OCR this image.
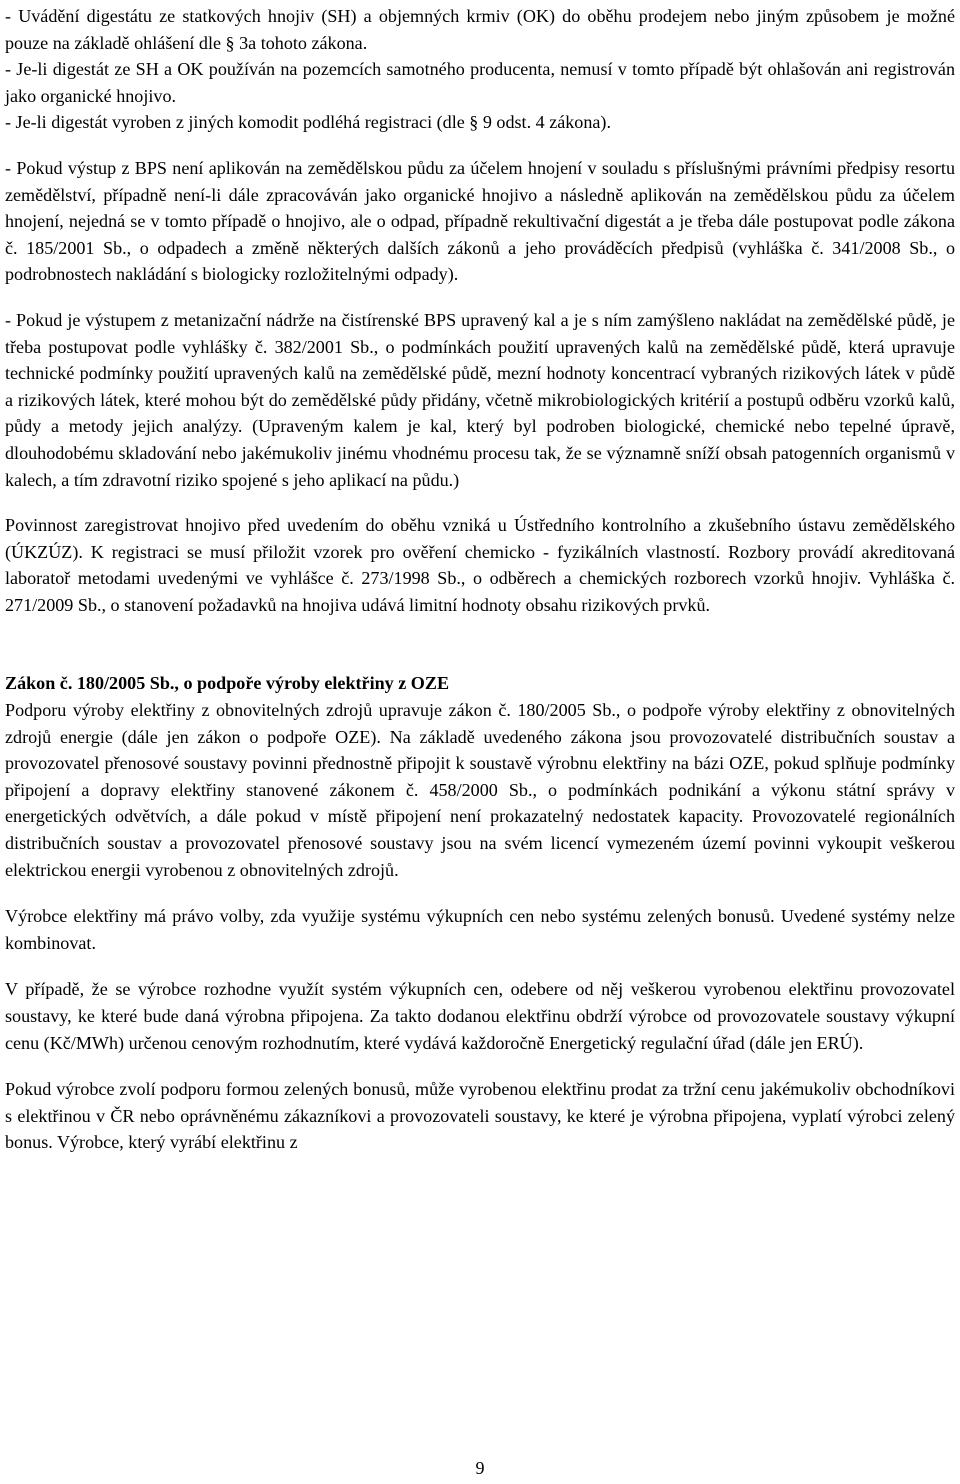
- Uvádění digestátu ze statkových hnojiv (SH) a objemných krmiv (OK) do oběhu prodejem nebo jiným způsobem je možné pouze na základě ohlášení dle § 3a tohoto zákona.

- Je-li digestát ze SH a OK používán na pozemcích samotného producenta, nemusí v tomto případě být ohlašován ani registrován jako organické hnojivo.

- Je-li digestát vyroben z jiných komodit podléhá registraci (dle § 9 odst. 4 zákona).

- Pokud výstup z BPS není aplikován na zemědělskou půdu za účelem hnojení v souladu s příslušnými právními předpisy resortu zemědělství, případně není-li dále zpracováván jako organické hnojivo a následně aplikován na zemědělskou půdu za účelem hnojení, nejedná se v tomto případě o hnojivo, ale o odpad, případně rekultivační digestát a je třeba dále postupovat podle zákona č. 185/2001 Sb., o odpadech a změně některých dalších zákonů a jeho prováděcích předpisů (vyhláška č. 341/2008 Sb., o podrobnostech nakládání s biologicky rozložitelnými odpady).

- Pokud je výstupem z metanizační nádrže na čistírenské BPS upravený kal a je s ním zamýšleno nakládat na zemědělské půdě, je třeba postupovat podle vyhlášky č. 382/2001 Sb., o podmínkách použití upravených kalů na zemědělské půdě, která upravuje technické podmínky použití upravených kalů na zemědělské půdě, mezní hodnoty koncentrací vybraných rizikových látek v půdě a rizikových látek, které mohou být do zemědělské půdy přidány, včetně mikrobiologických kritérií a postupů odběru vzorků kalů, půdy a metody jejich analýzy. (Upraveným kalem je kal, který byl podroben biologické, chemické nebo tepelné úpravě, dlouhodobému skladování nebo jakémukoliv jinému vhodnému procesu tak, že se významně sníží obsah patogenních organismů v kalech, a tím zdravotní riziko spojené s jeho aplikací na půdu.)

Povinnost zaregistrovat hnojivo před uvedením do oběhu vzniká u Ústředního kontrolního a zkušebního ústavu zemědělského (ÚKZÚZ). K registraci se musí přiložit vzorek pro ověření chemicko - fyzikálních vlastností. Rozbory provádí akreditovaná laboratoř metodami uvedenými ve vyhlášce č. 273/1998 Sb., o odběrech a chemických rozborech vzorků hnojiv. Vyhláška č. 271/2009 Sb., o stanovení požadavků na hnojiva udává limitní hodnoty obsahu rizikových prvků.

Zákon č. 180/2005 Sb., o podpoře výroby elektřiny z OZE

Podporu výroby elektřiny z obnovitelných zdrojů upravuje zákon č. 180/2005 Sb., o podpoře výroby elektřiny z obnovitelných zdrojů energie (dále jen zákon o podpoře OZE). Na základě uvedeného zákona jsou provozovatelé distribučních soustav a provozovatel přenosové soustavy povinni přednostně připojit k soustavě výrobnu elektřiny na bázi OZE, pokud splňuje podmínky připojení a dopravy elektřiny stanovené zákonem č. 458/2000 Sb., o podmínkách podnikání a výkonu státní správy v energetických odvětvích, a dále pokud v místě připojení není prokazatelný nedostatek kapacity. Provozovatelé regionálních distribučních soustav a provozovatel přenosové soustavy jsou na svém licencí vymezeném území povinni vykoupit veškerou elektrickou energii vyrobenou z obnovitelných zdrojů.

Výrobce elektřiny má právo volby, zda využije systému výkupních cen nebo systému zelených bonusů. Uvedené systémy nelze kombinovat.

V případě, že se výrobce rozhodne využít systém výkupních cen, odebere od něj veškerou vyrobenou elektřinu provozovatel soustavy, ke které bude daná výrobna připojena. Za takto dodanou elektřinu obdrží výrobce od provozovatele soustavy výkupní cenu (Kč/MWh) určenou cenovým rozhodnutím, které vydává každoročně Energetický regulační úřad (dále jen ERÚ).

Pokud výrobce zvolí podporu formou zelených bonusů, může vyrobenou elektřinu prodat za tržní cenu jakémukoliv obchodníkovi s elektřinou v ČR nebo oprávněnému zákazníkovi a provozovateli soustavy, ke které je výrobna připojena, vyplatí výrobci zelený bonus. Výrobce, který vyrábí elektřinu z

9
